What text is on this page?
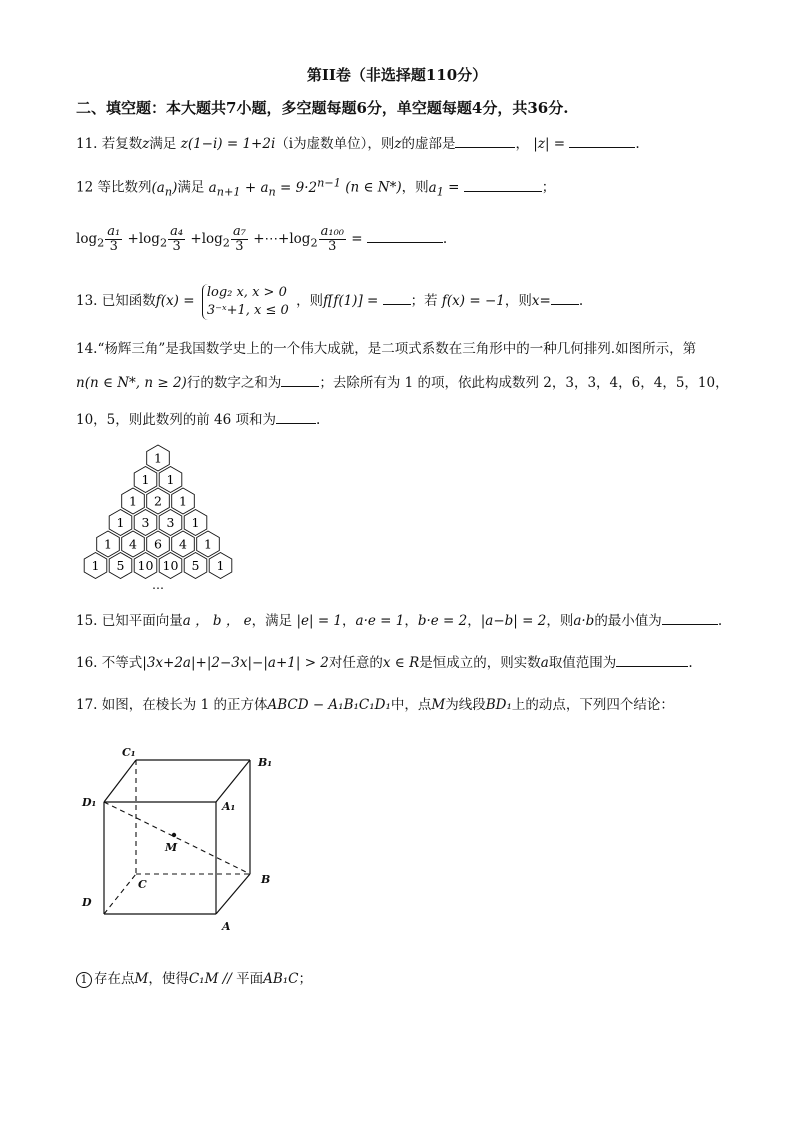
第II卷（非选择题110分）
二、填空题：本大题共7小题，多空题每题6分，单空题每题4分，共36分.
11. 若复数z满足 z(1−i) = 1+2i（i为虚数单位），则z的虚部是	， |z| =	.
12 等比数列$(a_n)$满足 $a_{n+1} + a_n = 9\cdot 2^{n-1}$ (n ∈ N*)，则$a_1$ =	；
$\log_2 \frac{\text{a₁}}{3} +\log_2 \frac{\text{a₄}}{3} +\log_2 \frac{\text{a₇}}{3}$ $+\cdots+\log_2 \frac{\text{a₁₀₀}}{3}$ =	.
13. 已知函数f(x) =
log₂ x, x > 0
3⁻ˣ+1, x ≤ 0
，则f[f(1)] = ；若 f(x) = −1，则x= .
14.“杨辉三角”是我国数学史上的一个伟大成就，是二项式系数在三角形中的一种几何排列.如图所示，第
n(n ∈ N*, n ≥ 2)行的数字之和为	；去除所有为 1 的项，依此构成数列 2，3，3，4，6，4，5，10，
10，5，则此数列的前 46 项和为	.
1
1 1
1 2 1
1 3 3 1
1 4 6 4 1
1 5 10 10 5 1
…
15. 已知平面向量a ， b ， e，满足 |e| = 1，a·e = 1，b·e = 2，|a−b| = 2，则a·b的最小值为	.
16. 不等式|3x+2a|+|2−3x|−|a+1| > 2对任意的x ∈ R是恒成立的，则实数a取值范围为	.
17. 如图，在棱长为 1 的正方体ABCD − A₁B₁C₁D₁中，点M为线段BD₁上的动点，下列四个结论：
C₁
B₁
D₁	A₁
M
C	B
D
A
1 存在点M，使得C₁M // 平面AB₁C；
